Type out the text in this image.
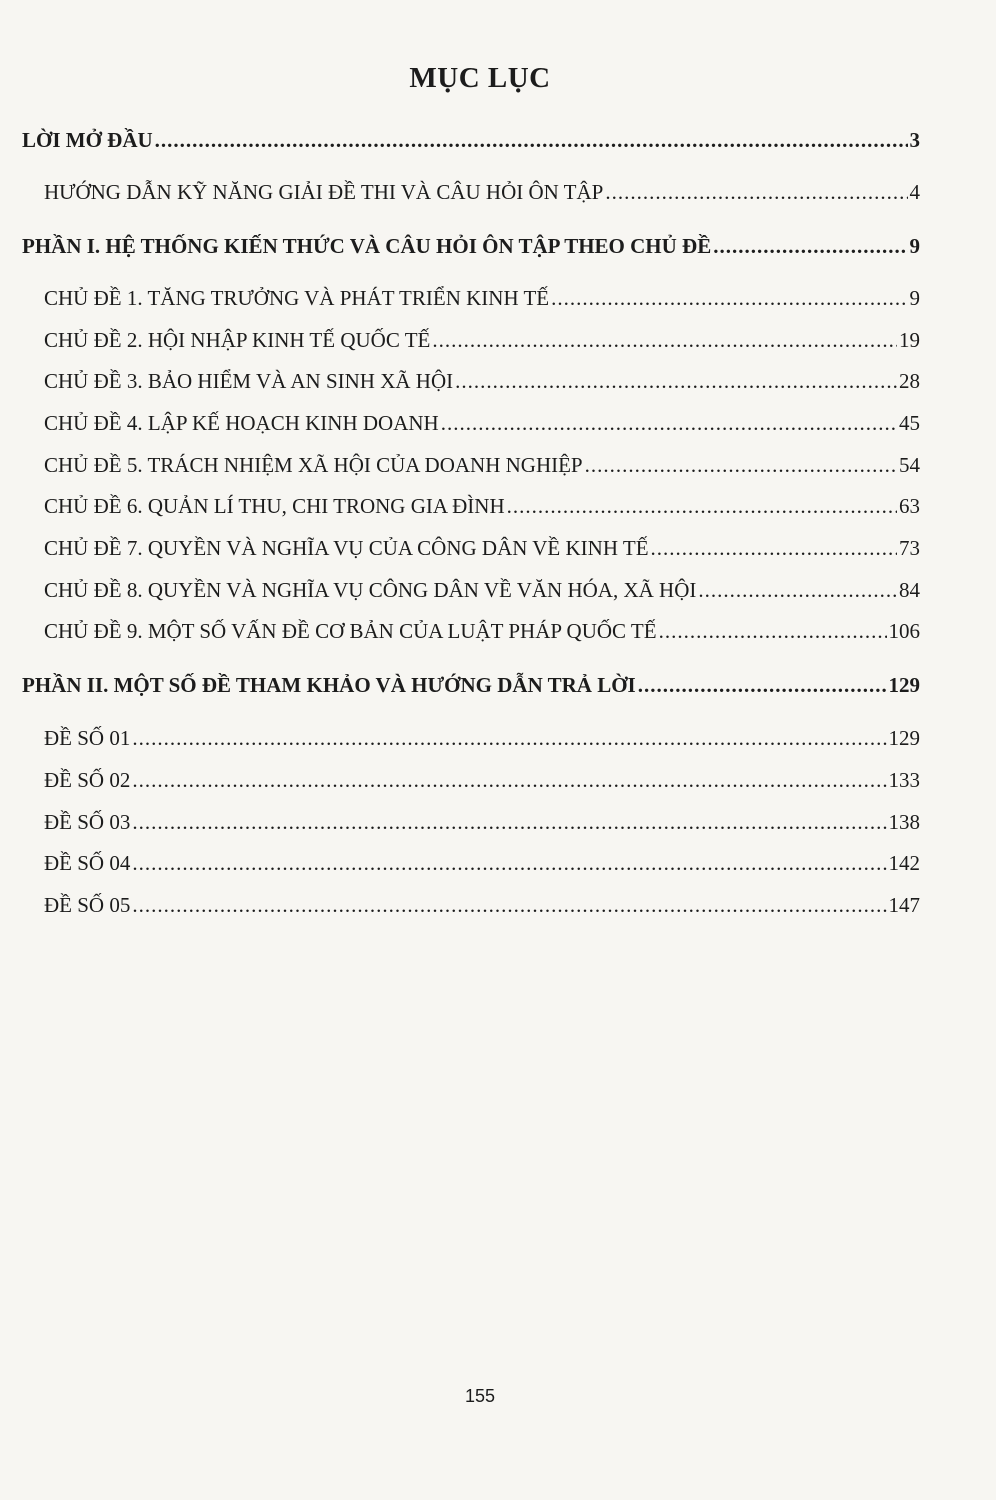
MỤC LỤC
LỜI MỞ ĐẦU .....	3
HƯỚNG DẪN KỸ NĂNG GIẢI ĐỀ THI VÀ CÂU HỎI ÔN TẬP .....	4
PHẦN I. HỆ THỐNG KIẾN THỨC VÀ CÂU HỎI ÔN TẬP THEO CHỦ ĐỀ .....	9
CHỦ ĐỀ 1. TĂNG TRƯỞNG VÀ PHÁT TRIỂN KINH TẾ .....	9
CHỦ ĐỀ 2. HỘI NHẬP KINH TẾ QUỐC TẾ .....	19
CHỦ ĐỀ 3. BẢO HIỂM VÀ AN SINH XÃ HỘI .....	28
CHỦ ĐỀ 4. LẬP KẾ HOẠCH KINH DOANH .....	45
CHỦ ĐỀ 5. TRÁCH NHIỆM XÃ HỘI CỦA DOANH NGHIỆP .....	54
CHỦ ĐỀ 6. QUẢN LÍ THU, CHI TRONG GIA ĐÌNH .....	63
CHỦ ĐỀ 7. QUYỀN VÀ NGHĨA VỤ CỦA CÔNG DÂN VỀ KINH TẾ .....	73
CHỦ ĐỀ 8. QUYỀN VÀ NGHĨA VỤ CÔNG DÂN VỀ VĂN HÓA, XÃ HỘI .....	84
CHỦ ĐỀ 9. MỘT SỐ VẤN ĐỀ CƠ BẢN CỦA LUẬT PHÁP QUỐC TẾ .....	106
PHẦN II. MỘT SỐ ĐỀ THAM KHẢO VÀ HƯỚNG DẪN TRẢ LỜI .....	129
ĐỀ SỐ 01 .....	129
ĐỀ SỐ 02 .....	133
ĐỀ SỐ 03 .....	138
ĐỀ SỐ 04 .....	142
ĐỀ SỐ 05 .....	147
155
